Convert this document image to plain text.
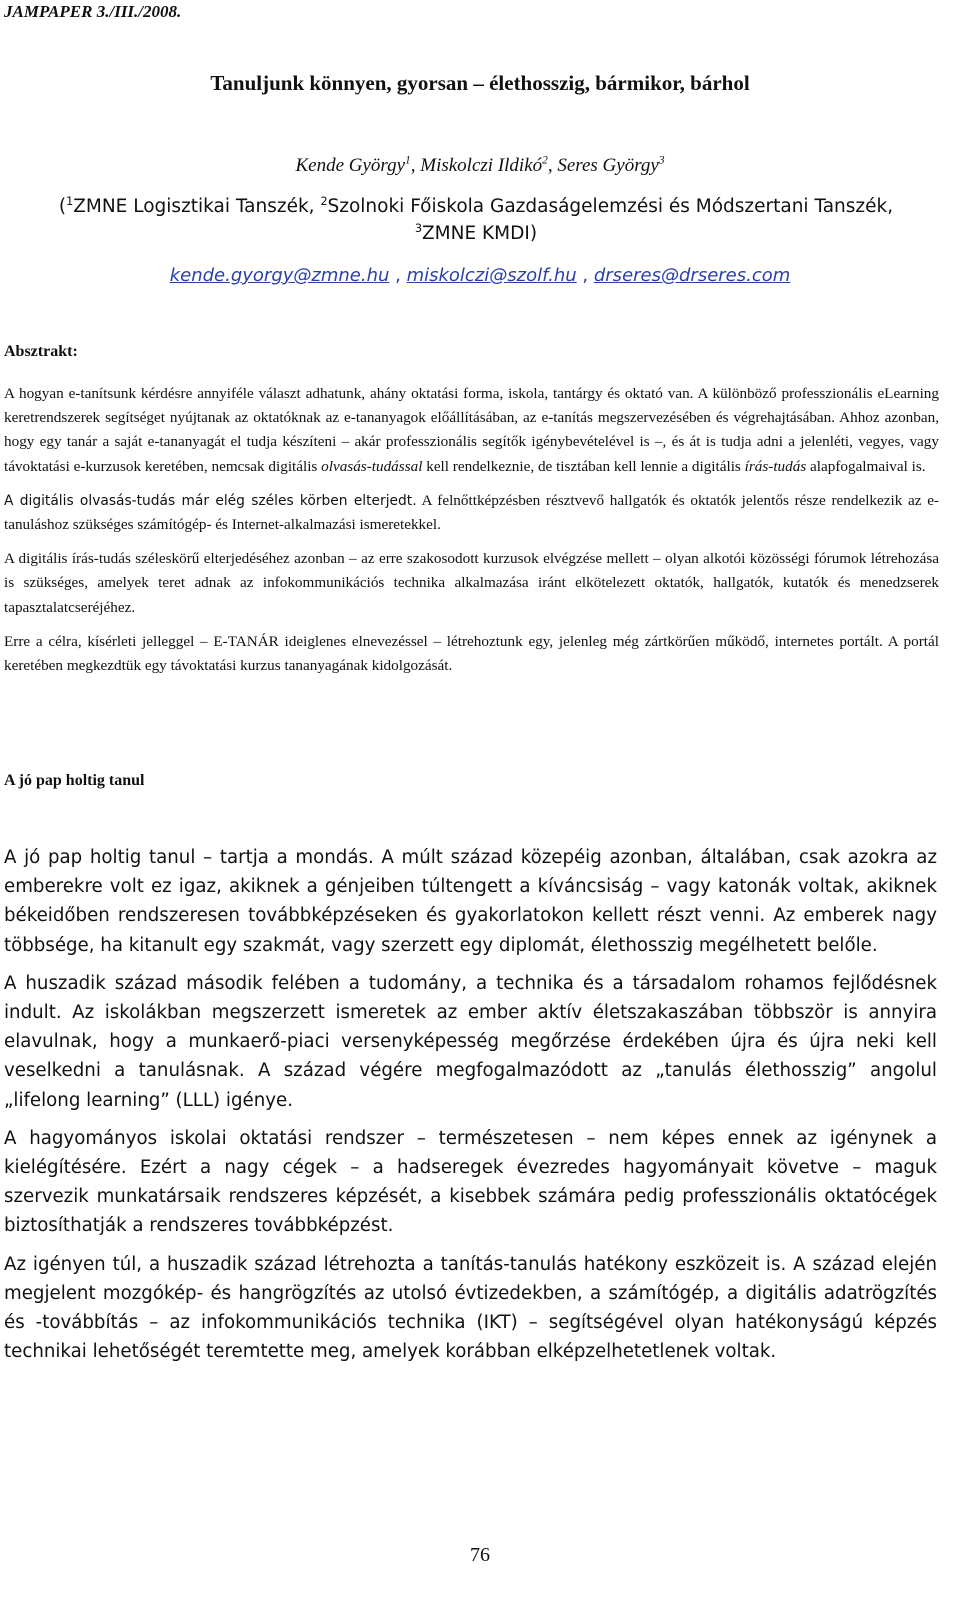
JAMPAPER 3./III./2008.
Tanuljunk könnyen, gyorsan – élethosszig, bármikor, bárhol
Kende György$^1$, Miskolczi Ildikó$^2$, Seres György$^3$
($^1$ZMNE Logisztikai Tanszék, $^2$Szolnoki Főiskola Gazdaságelemzési és Módszertani Tanszék,
$^3$ZMNE KMDI)
kende.gyorgy@zmne.hu , miskolczi@szolf.hu , drseres@drseres.com
Absztrakt:

A hogyan e-tanítsunk kérdésre annyiféle választ adhatunk, ahány oktatási forma, iskola, tantárgy és oktató van. A különböző professzionális eLearning keretrendszerek segítséget nyújtanak az oktatóknak az e-tananyagok előállításában, az e-tanítás megszervezésében és végrehajtásában. Ahhoz azonban, hogy egy tanár a saját e-tananyagát el tudja készíteni – akár professzionális segítők igénybevételével is –, és át is tudja adni a jelenléti, vegyes, vagy távoktatási e-kurzusok keretében, nemcsak digitális olvasás-tudással kell rendelkeznie, de tisztában kell lennie a digitális írás-tudás alapfogalmaival is.

A digitális olvasás-tudás már elég széles körben elterjedt. A felnőttképzésben résztvevő hallgatók és oktatók jelentős része rendelkezik az e-tanuláshoz szükséges számítógép- és Internet-alkalmazási ismeretekkel.

A digitális írás-tudás széleskörű elterjedéséhez azonban – az erre szakosodott kurzusok elvégzése mellett – olyan alkotói közösségi fórumok létrehozása is szükséges, amelyek teret adnak az infokommunikációs technika alkalmazása iránt elkötelezett oktatók, hallgatók, kutatók és menedzserek tapasztalatcseréjéhez.

Erre a célra, kísérleti jelleggel – E-TANÁR ideiglenes elnevezéssel – létrehoztunk egy, jelenleg még zártkörűen működő, internetes portált. A portál keretében megkezdtük egy távoktatási kurzus tananyagának kidolgozását.

A jó pap holtig tanul

A jó pap holtig tanul – tartja a mondás. A múlt század közepéig azonban, általában, csak azokra az emberekre volt ez igaz, akiknek a génjeiben túltengett a kíváncsiság – vagy katonák voltak, akiknek békeidőben rendszeresen továbbképzéseken és gyakorlatokon kellett részt venni. Az emberek nagy többsége, ha kitanult egy szakmát, vagy szerzett egy diplomát, élethosszig megélhetett belőle.

A huszadik század második felében a tudomány, a technika és a társadalom rohamos fejlődésnek indult. Az iskolákban megszerzett ismeretek az ember aktív életszakaszában többször is annyira elavulnak, hogy a munkaerő-piaci versenyképesség megőrzése érdekében újra és újra neki kell veselkedni a tanulásnak. A század végére megfogalmazódott az „tanulás élethosszig” angolul „lifelong learning” (LLL) igénye.

A hagyományos iskolai oktatási rendszer – természetesen – nem képes ennek az igénynek a kielégítésére. Ezért a nagy cégek – a hadseregek évezredes hagyományait követve – maguk szervezik munkatársaik rendszeres képzését, a kisebbek számára pedig professzionális oktatócégek biztosíthatják a rendszeres továbbképzést.

Az igényen túl, a huszadik század létrehozta a tanítás-tanulás hatékony eszközeit is. A század elején megjelent mozgókép- és hangrögzítés az utolsó évtizedekben, a számítógép, a digitális adatrögzítés és -továbbítás – az infokommunikációs technika (IKT) – segítségével olyan hatékonyságú képzés technikai lehetőségét teremtette meg, amelyek korábban elképzelhetetlenek voltak.

76
